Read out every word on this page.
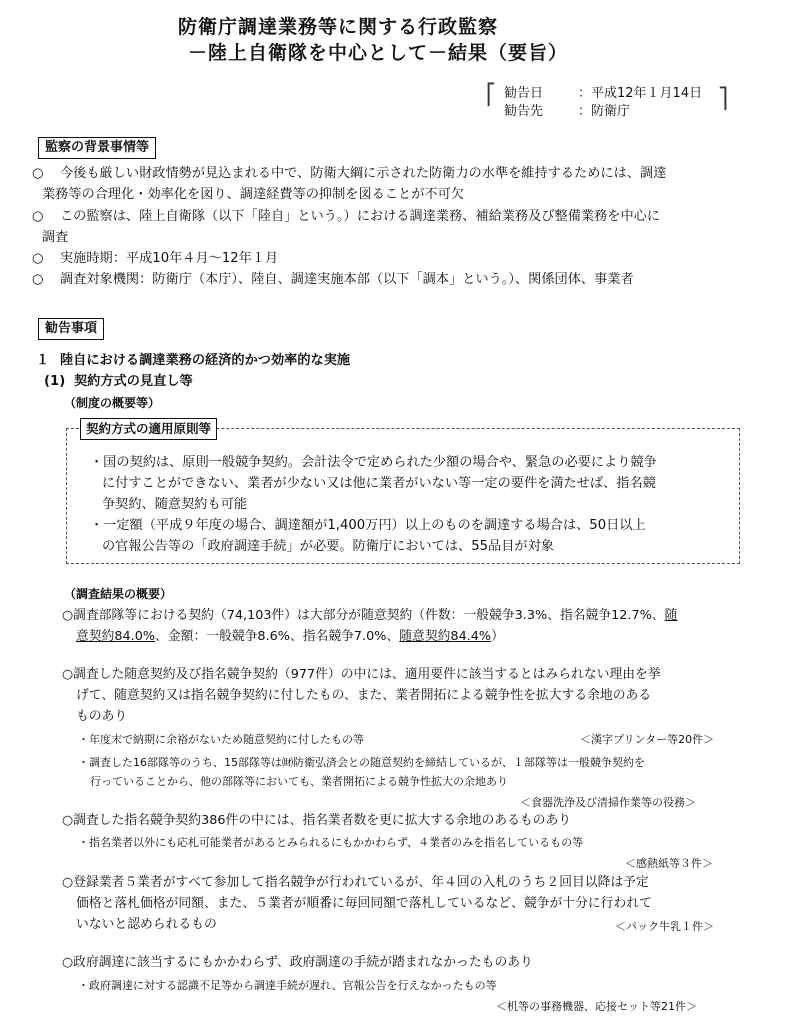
防衛庁調達業務等に関する行政監察
－陸上自衛隊を中心として－結果（要旨）
⎡ 勧告日	：平成12年１月14日
勧告先	：防衛庁
⎤
監察の背景事情等
○ 今後も厳しい財政情勢が見込まれる中で、防衛大綱に示された防衛力の水準を維持するためには、調達
業務等の合理化・効率化を図り、調達経費等の抑制を図ることが不可欠
○ この監察は、陸上自衛隊（以下「陸自」という。）における調達業務、補給業務及び整備業務を中心に
調査
○ 実施時期：平成10年４月～12年１月
○ 調査対象機関：防衛庁（本庁）、陸自、調達実施本部（以下「調本」という。）、関係団体、事業者
勧告事項
１ 陸自における調達業務の経済的かつ効率的な実施
(1) 契約方式の見直し等
（制度の概要等）
契約方式の適用原則等
・国の契約は、原則一般競争契約。会計法令で定められた少額の場合や、緊急の必要により競争
に付すことができない、業者が少ない又は他に業者がいない等一定の要件を満たせば、指名競
争契約、随意契約も可能
・一定額（平成９年度の場合、調達額が1,400万円）以上のものを調達する場合は、50日以上
の官報公告等の「政府調達手続」が必要。防衛庁においては、55品目が対象
（調査結果の概要）
○調査部隊等における契約（74,103件）は大部分が随意契約（件数：一般競争3.3%、指名競争12.7%、随
意契約84.0%、金額：一般競争8.6%、指名競争7.0%、随意契約84.4%）
○調査した随意契約及び指名競争契約（977件）の中には、適用要件に該当するとはみられない理由を挙
げて、随意契約又は指名競争契約に付したもの、また、業者開拓による競争性を拡大する余地のある
ものあり
・年度末で納期に余裕がないため随意契約に付したもの等	＜漢字プリンター等20件＞
・調査した16部隊等のうち、15部隊等は㈶防衛弘済会との随意契約を締結しているが、１部隊等は一般競争契約を
行っていることから、他の部隊等においても、業者開拓による競争性拡大の余地あり
＜食器洗浄及び清掃作業等の役務＞
○調査した指名競争契約386件の中には、指名業者数を更に拡大する余地のあるものあり
・指名業者以外にも応札可能業者があるとみられるにもかかわらず、４業者のみを指名しているもの等
＜感熱紙等３件＞
○登録業者５業者がすべて参加して指名競争が行われているが、年４回の入札のうち２回目以降は予定
価格と落札価格が同額、また、５業者が順番に毎回同額で落札しているなど、競争が十分に行われて
いないと認められるもの	＜パック牛乳１件＞
○政府調達に該当するにもかかわらず、政府調達の手続が踏まれなかったものあり
・政府調達に対する認識不足等から調達手続が遅れ、官報公告を行えなかったもの等
＜机等の事務機器、応接セット等21件＞
